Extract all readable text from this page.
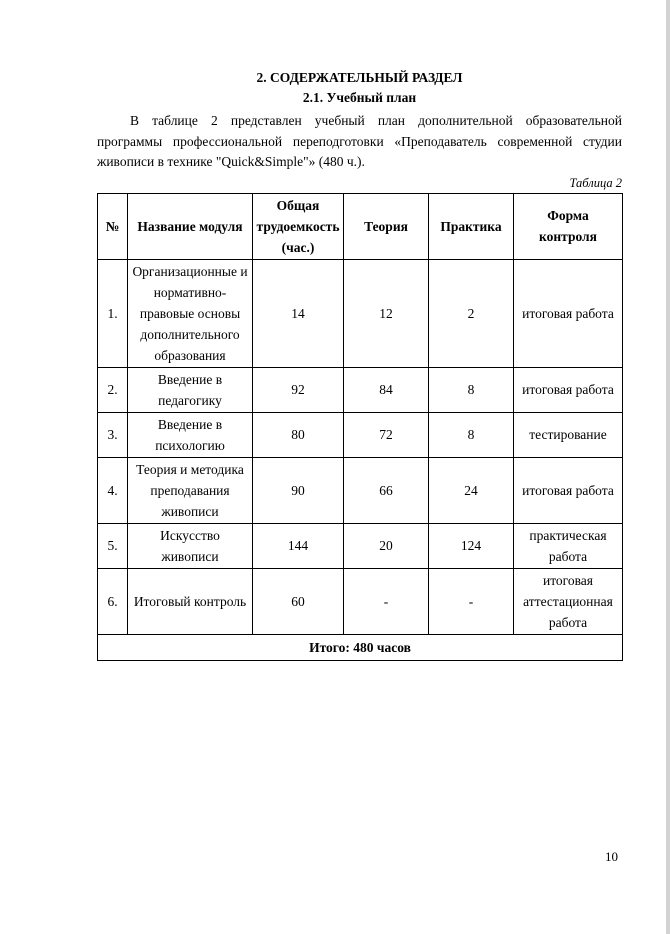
2. СОДЕРЖАТЕЛЬНЫЙ РАЗДЕЛ
2.1. Учебный план

В таблице 2 представлен учебный план дополнительной образовательной программы профессиональной переподготовки «Преподаватель современной студии живописи в технике "Quick&Simple"» (480 ч.).

Таблица 2
№	Название модуля	Общая трудоемкость (час.)	Теория	Практика	Форма контроля
1.	Организационные и нормативно-правовые основы дополнительного образования	14	12	2	итоговая работа
2.	Введение в педагогику	92	84	8	итоговая работа
3.	Введение в психологию	80	72	8	тестирование
4.	Теория и методика преподавания живописи	90	66	24	итоговая работа
5.	Искусство живописи	144	20	124	практическая работа
6.	Итоговый контроль	60	-	-	итоговая аттестационная работа
Итого: 480 часов					
10
